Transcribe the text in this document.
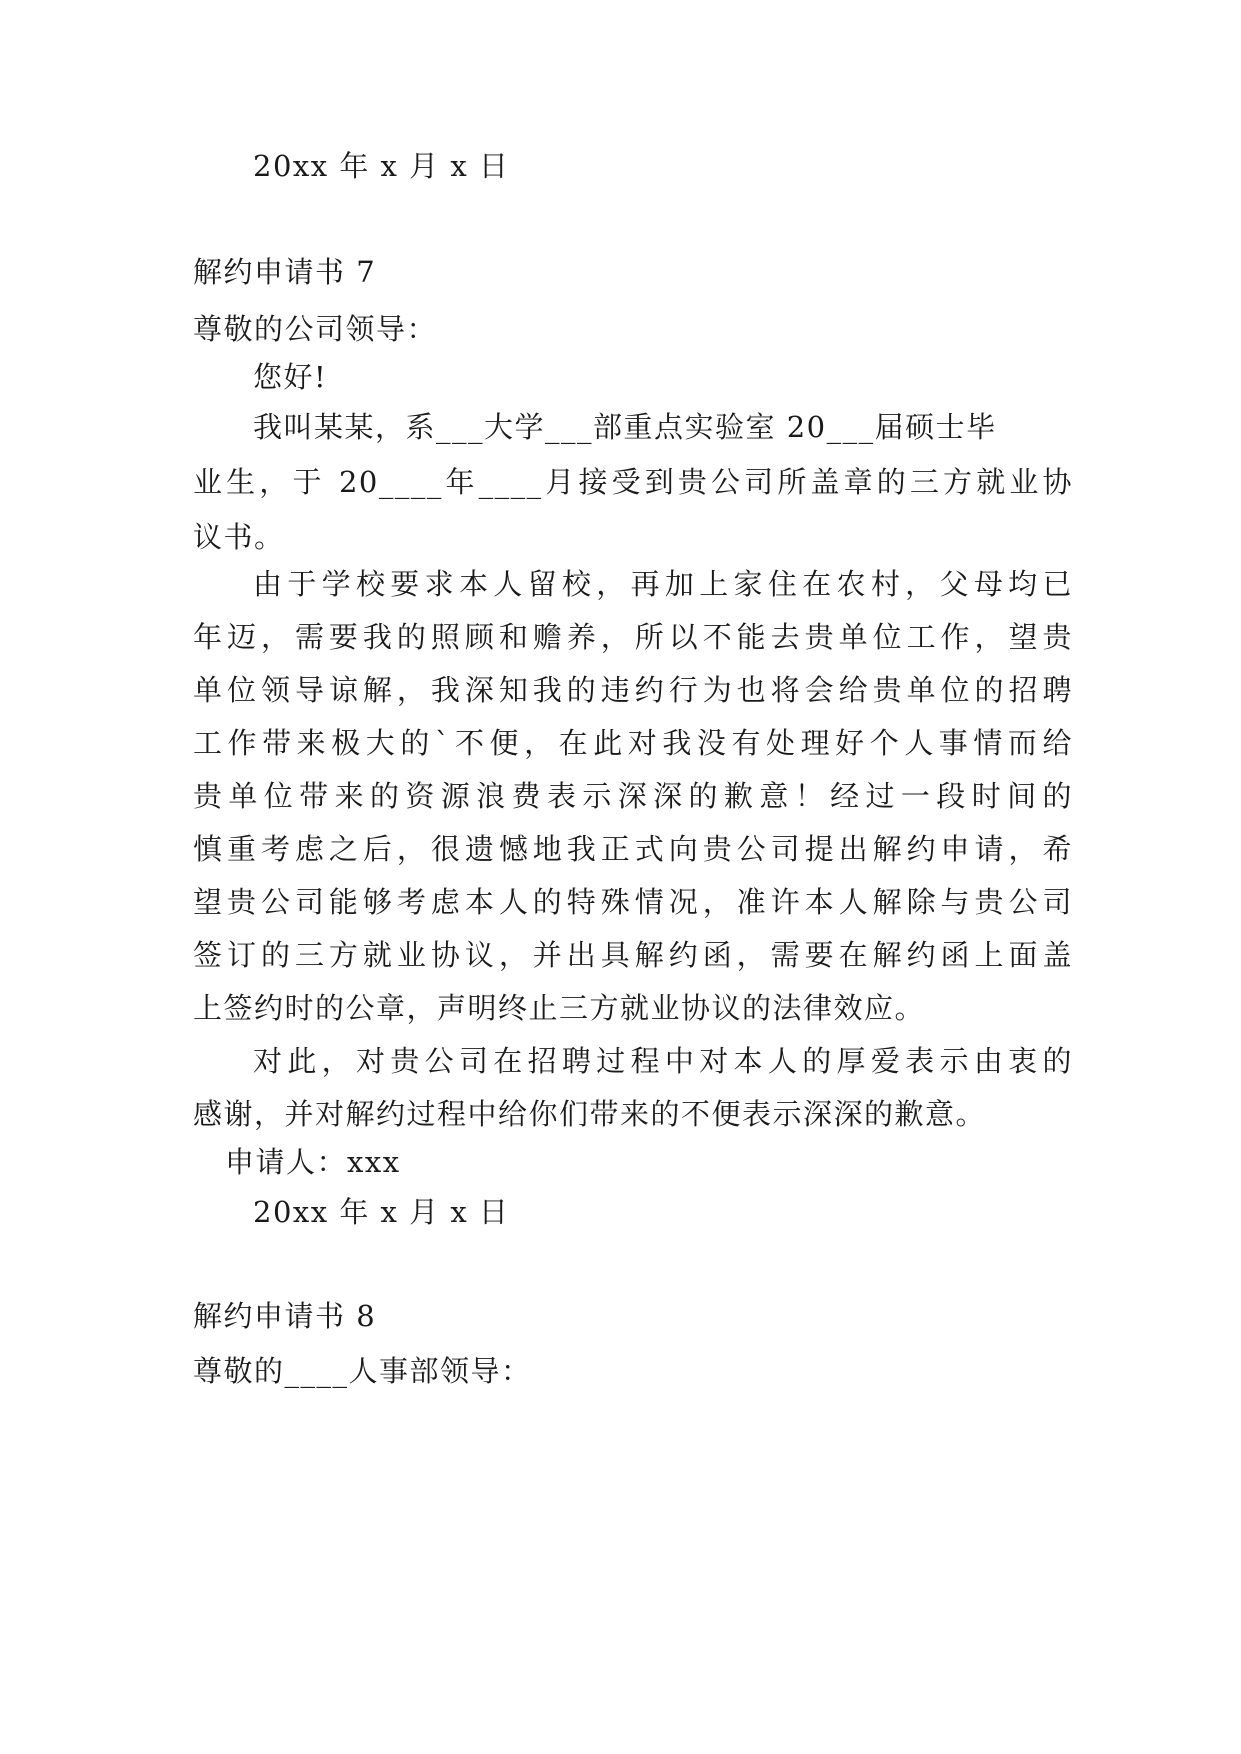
20xx 年 x 月 x 日
解约申请书 7
尊敬的公司领导：
您好!
我叫某某，系___大学___部重点实验室 20___届硕士毕
业生，于 20____年____月接受到贵公司所盖章的三方就业协
议书。
由于学校要求本人留校，再加上家住在农村，父母均已
年迈，需要我的照顾和赡养，所以不能去贵单位工作，望贵
单位领导谅解，我深知我的违约行为也将会给贵单位的招聘
工作带来极大的`不便，在此对我没有处理好个人事情而给
贵单位带来的资源浪费表示深深的歉意！经过一段时间的
慎重考虑之后，很遗憾地我正式向贵公司提出解约申请，希
望贵公司能够考虑本人的特殊情况，准许本人解除与贵公司
签订的三方就业协议，并出具解约函，需要在解约函上面盖
上签约时的公章，声明终止三方就业协议的法律效应。
对此，对贵公司在招聘过程中对本人的厚爱表示由衷的
感谢，并对解约过程中给你们带来的不便表示深深的歉意。
申请人：xxx
20xx 年 x 月 x 日
解约申请书 8
尊敬的____人事部领导：
